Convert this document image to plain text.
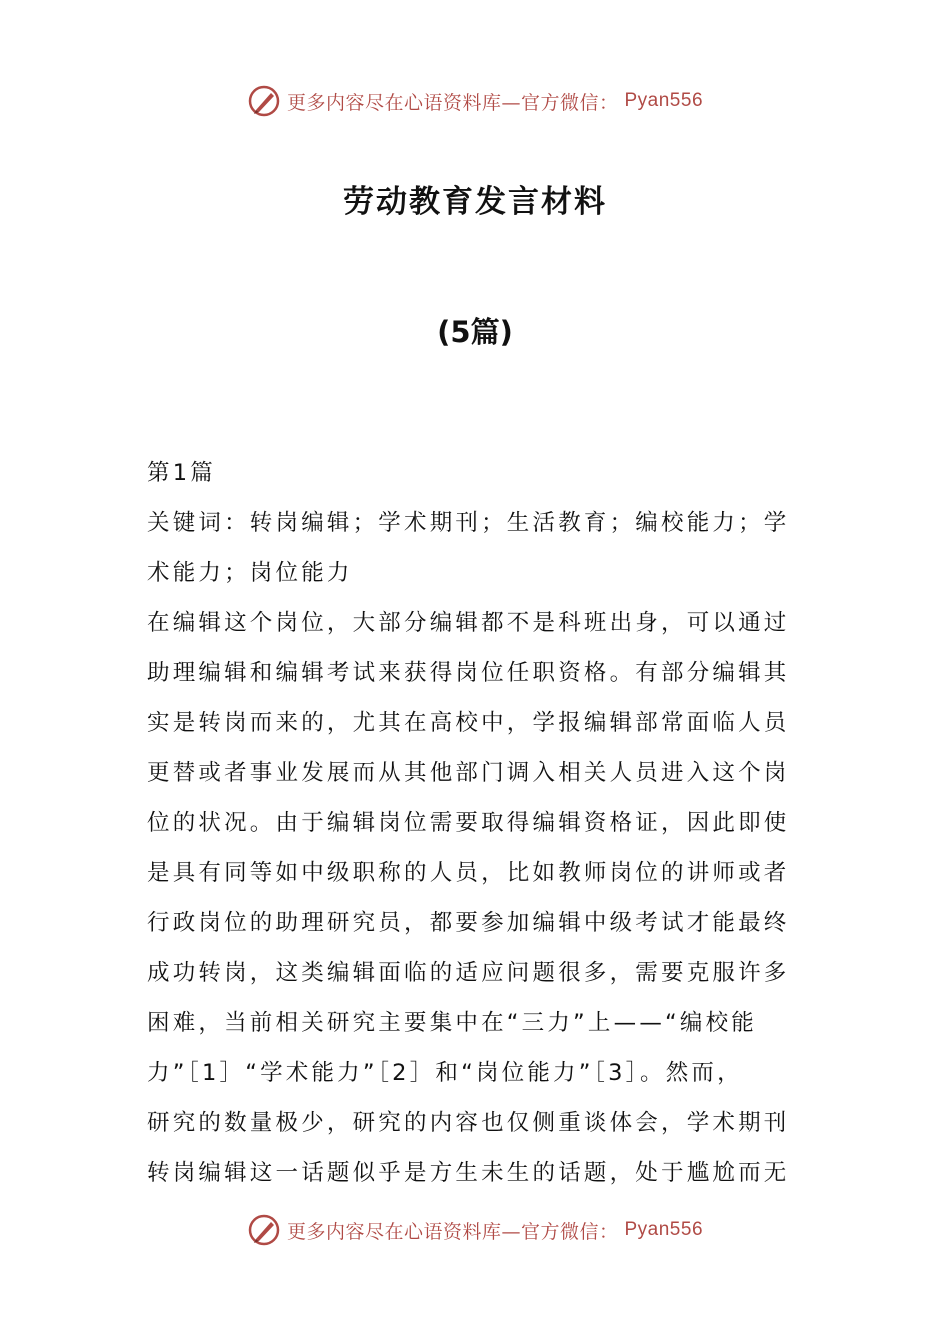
更多内容尽在心语资料库—官方微信： Pyan556
劳动教育发言材料
(5篇)
第1篇
关键词：转岗编辑；学术期刊；生活教育；编校能力；学
术能力；岗位能力
在编辑这个岗位，大部分编辑都不是科班出身，可以通过
助理编辑和编辑考试来获得岗位任职资格。有部分编辑其
实是转岗而来的，尤其在高校中，学报编辑部常面临人员
更替或者事业发展而从其他部门调入相关人员进入这个岗
位的状况。由于编辑岗位需要取得编辑资格证，因此即使
是具有同等如中级职称的人员，比如教师岗位的讲师或者
行政岗位的助理研究员，都要参加编辑中级考试才能最终
成功转岗，这类编辑面临的适应问题很多，需要克服许多
困难，当前相关研究主要集中在“三力”上——“编校能
力”［1］“学术能力”［2］和“岗位能力”［3］。然而，
研究的数量极少，研究的内容也仅侧重谈体会，学术期刊
转岗编辑这一话题似乎是方生未生的话题，处于尴尬而无
更多内容尽在心语资料库—官方微信： Pyan556
